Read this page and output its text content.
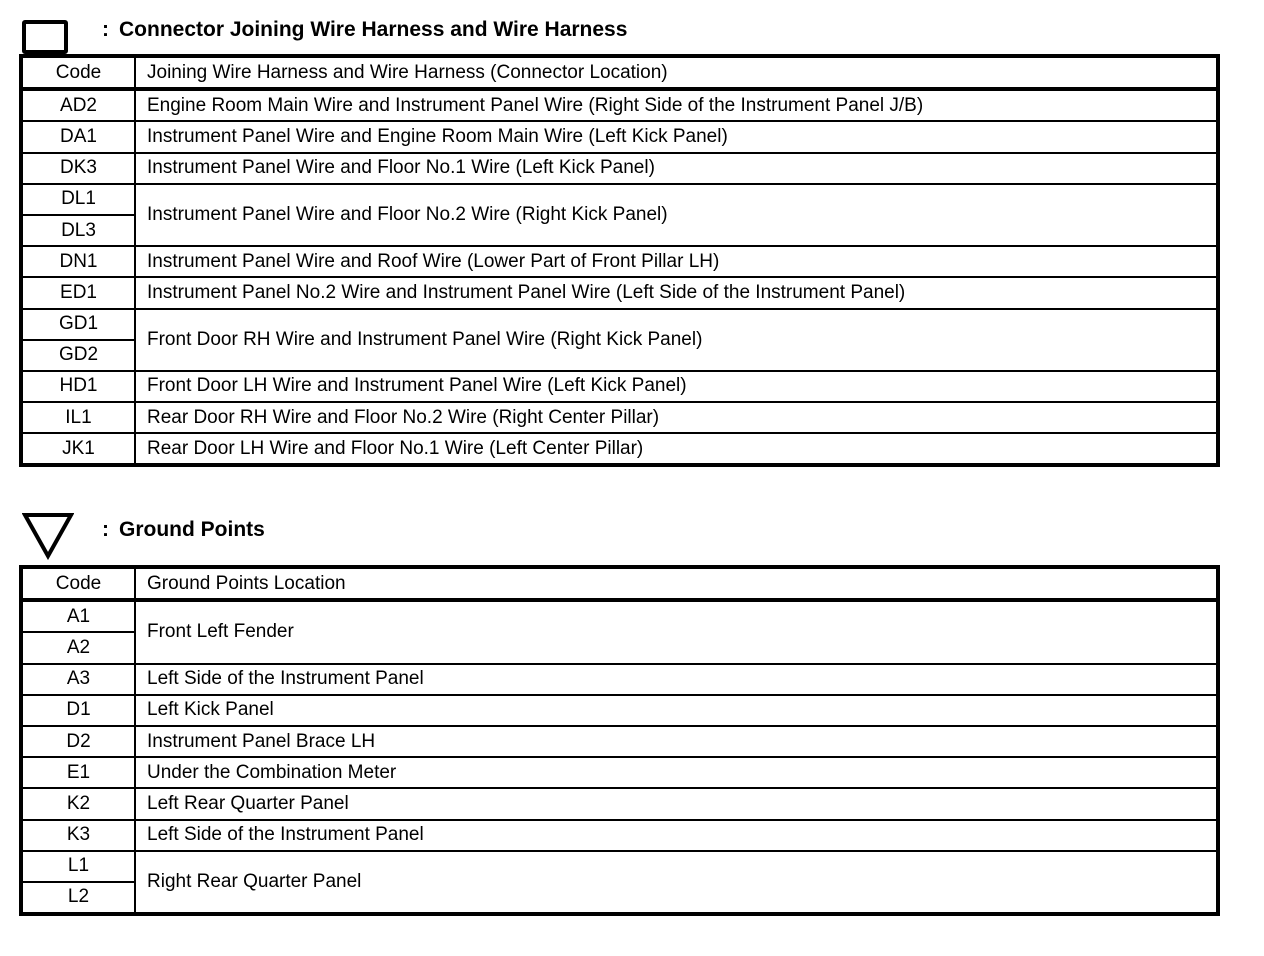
: Connector Joining Wire Harness and Wire Harness
Code	Joining Wire Harness and Wire Harness (Connector Location)
AD2	Engine Room Main Wire and Instrument Panel Wire (Right Side of the Instrument Panel J/B)
DA1	Instrument Panel Wire and Engine Room Main Wire (Left Kick Panel)
DK3	Instrument Panel Wire and Floor No.1 Wire (Left Kick Panel)
DL1	Instrument Panel Wire and Floor No.2 Wire (Right Kick Panel)
DL3	
DN1	Instrument Panel Wire and Roof Wire (Lower Part of Front Pillar LH)
ED1	Instrument Panel No.2 Wire and Instrument Panel Wire (Left Side of the Instrument Panel)
GD1	Front Door RH Wire and Instrument Panel Wire (Right Kick Panel)
GD2	
HD1	Front Door LH Wire and Instrument Panel Wire (Left Kick Panel)
IL1	Rear Door RH Wire and Floor No.2 Wire (Right Center Pillar)
JK1	Rear Door LH Wire and Floor No.1 Wire (Left Center Pillar)
: Ground Points
Code	Ground Points Location
A1	Front Left Fender
A2	
A3	Left Side of the Instrument Panel
D1	Left Kick Panel
D2	Instrument Panel Brace LH
E1	Under the Combination Meter
K2	Left Rear Quarter Panel
K3	Left Side of the Instrument Panel
L1	Right Rear Quarter Panel
L2	
